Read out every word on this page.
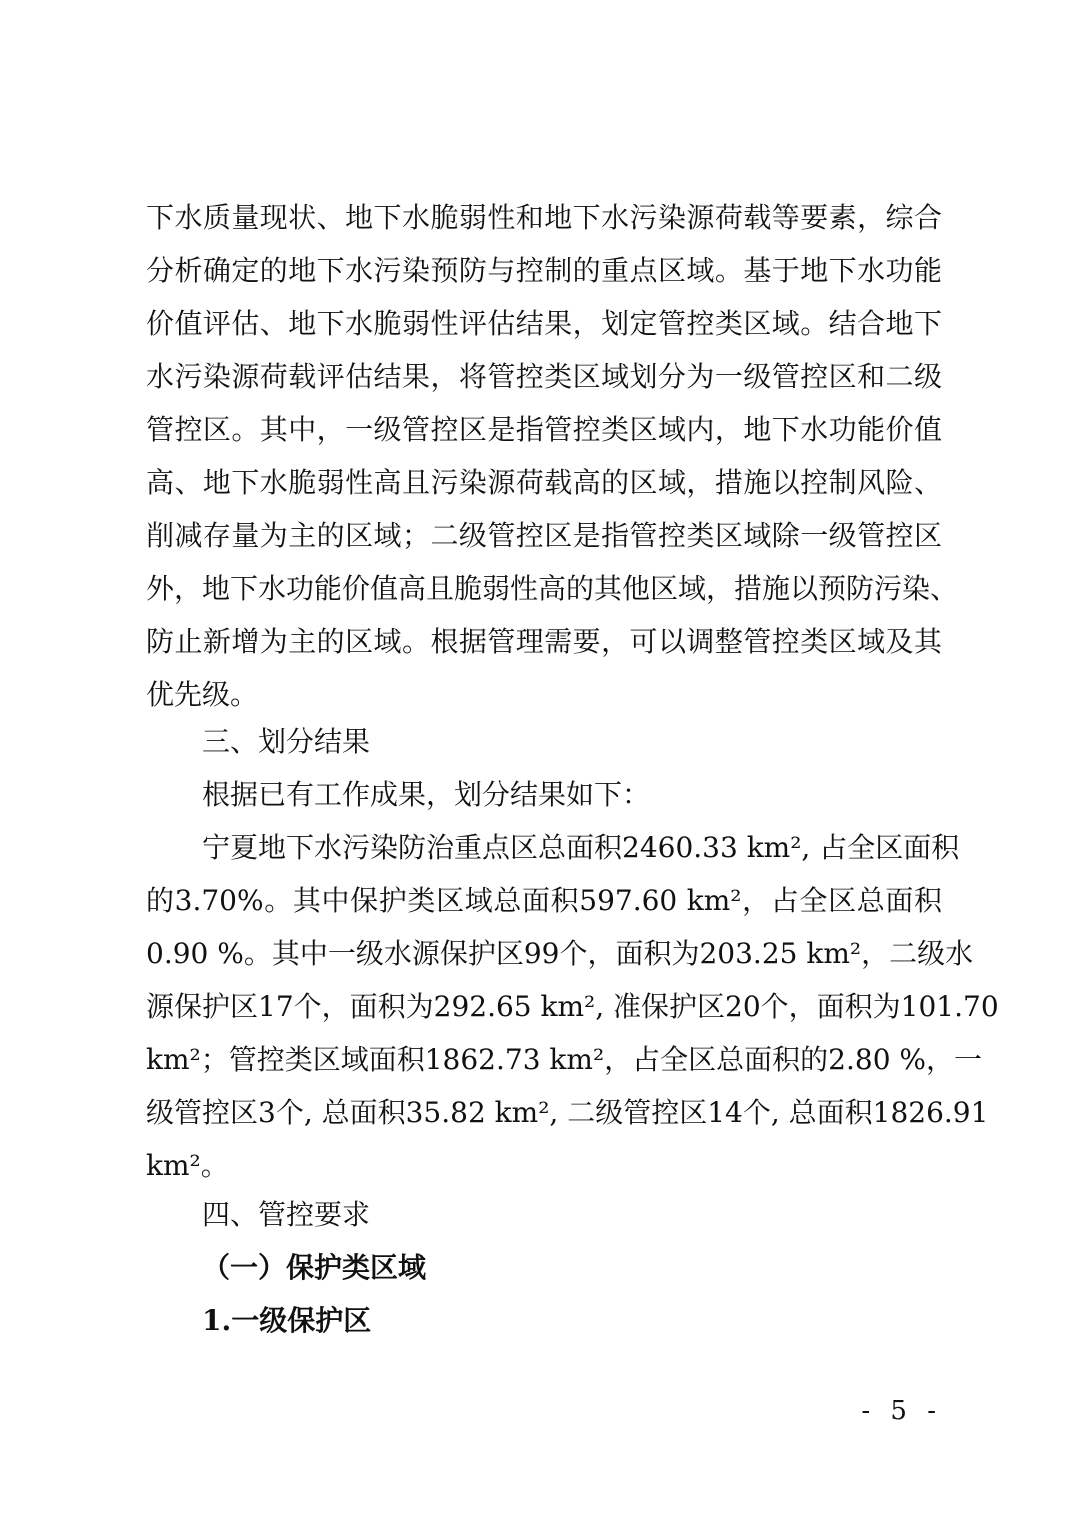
下水质量现状、地下水脆弱性和地下水污染源荷载等要素，综合
分析确定的地下水污染预防与控制的重点区域。基于地下水功能
价值评估、地下水脆弱性评估结果，划定管控类区域。结合地下
水污染源荷载评估结果，将管控类区域划分为一级管控区和二级
管控区。其中，一级管控区是指管控类区域内，地下水功能价值
高、地下水脆弱性高且污染源荷载高的区域，措施以控制风险、
削减存量为主的区域；二级管控区是指管控类区域除一级管控区
外，地下水功能价值高且脆弱性高的其他区域，措施以预防污染、
防止新增为主的区域。根据管理需要，可以调整管控类区域及其
优先级。
三、划分结果
根据已有工作成果，划分结果如下：
宁夏地下水污染防治重点区总面积2460.33 km², 占全区面积
的3.70%。其中保护类区域总面积597.60 km²，占全区总面积
0.90 %。其中一级水源保护区99个，面积为203.25 km²，二级水
源保护区17个，面积为292.65 km², 准保护区20个，面积为101.70
km²；管控类区域面积1862.73 km²，占全区总面积的2.80 %，一
级管控区3个, 总面积35.82 km², 二级管控区14个, 总面积1826.91
km²。
四、管控要求
（一）保护类区域
1.一级保护区
- 5 -
